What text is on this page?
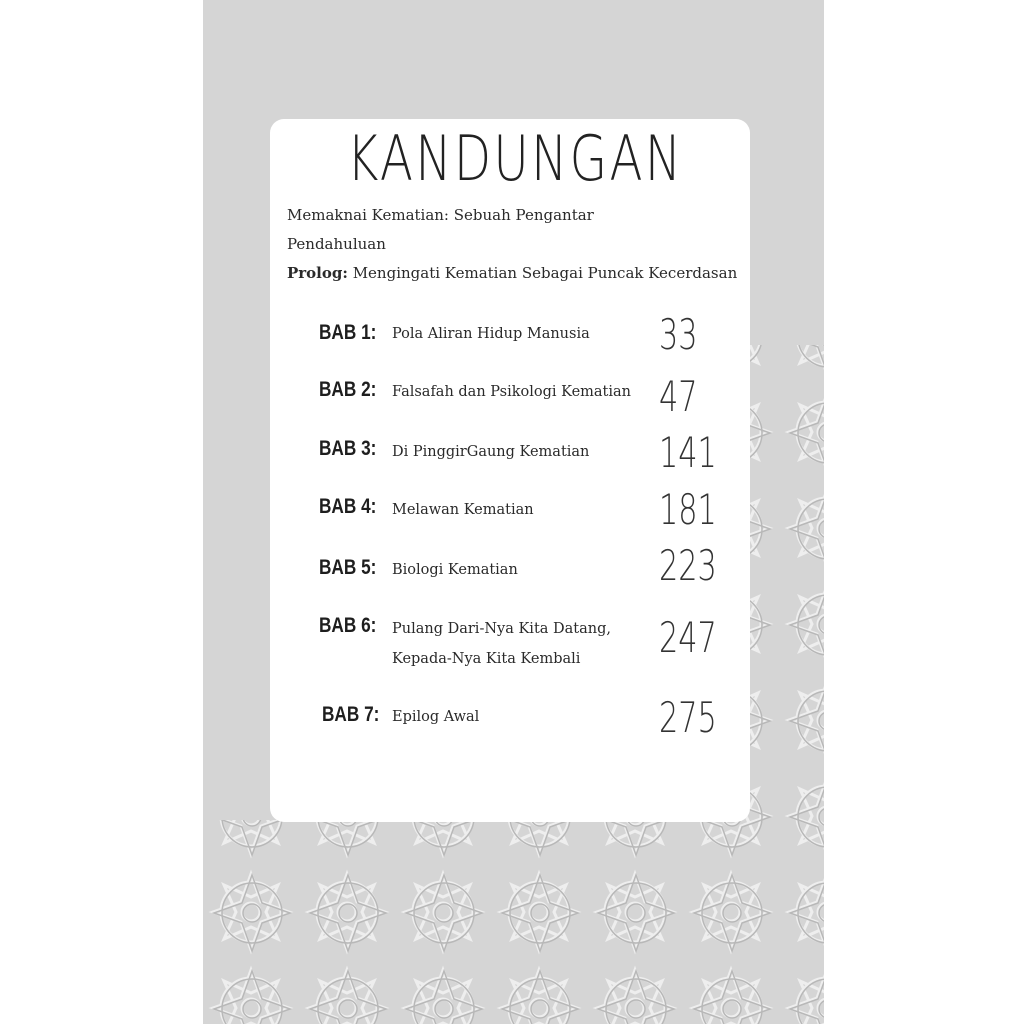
KANDUNGAN
Memaknai Kematian: Sebuah Pengantar
Pendahuluan
Prolog: Mengingati Kematian Sebagai Puncak Kecerdasan
BAB 1: Pola Aliran Hidup Manusia 33
BAB 2: Falsafah dan Psikologi Kematian 47
BAB 3: Di PinggirGaung Kematian 141
BAB 4: Melawan Kematian	181
BAB 5: Biologi Kematian	223
BAB 6: Pulang Dari-Nya Kita Datang,
Kepada-Nya Kita Kembali 247
BAB 7: Epilog Awal	275
